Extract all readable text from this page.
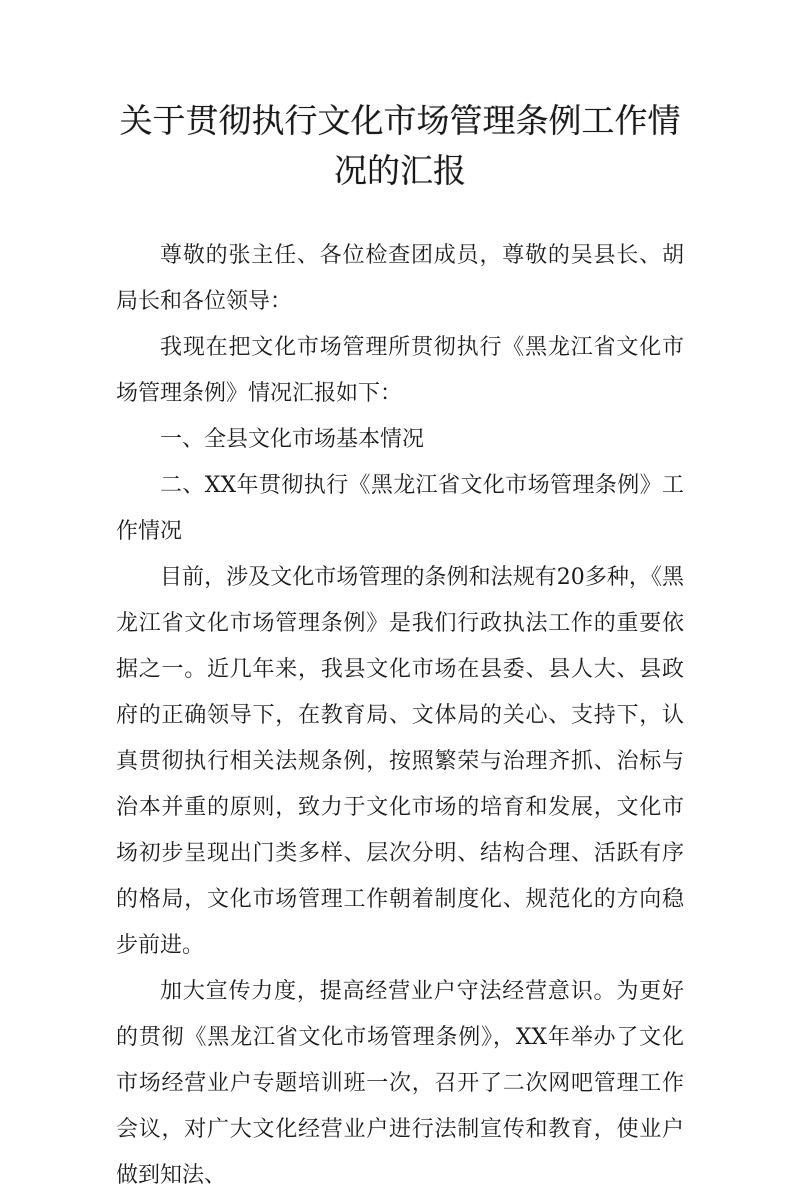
关于贯彻执行文化市场管理条例工作情况的汇报

尊敬的张主任、各位检查团成员，尊敬的吴县长、胡局长和各位领导：

我现在把文化市场管理所贯彻执行《黑龙江省文化市场管理条例》情况汇报如下：

一、全县文化市场基本情况

二、XX年贯彻执行《黑龙江省文化市场管理条例》工作情况

目前，涉及文化市场管理的条例和法规有20多种，《黑龙江省文化市场管理条例》是我们行政执法工作的重要依据之一。近几年来，我县文化市场在县委、县人大、县政府的正确领导下，在教育局、文体局的关心、支持下，认真贯彻执行相关法规条例，按照繁荣与治理齐抓、治标与治本并重的原则，致力于文化市场的培育和发展，文化市场初步呈现出门类多样、层次分明、结构合理、活跃有序的格局，文化市场管理工作朝着制度化、规范化的方向稳步前进。

加大宣传力度，提高经营业户守法经营意识。为更好的贯彻《黑龙江省文化市场管理条例》，XX年举办了文化市场经营业户专题培训班一次，召开了二次网吧管理工作会议，对广大文化经营业户进行法制宣传和教育，使业户做到知法、
